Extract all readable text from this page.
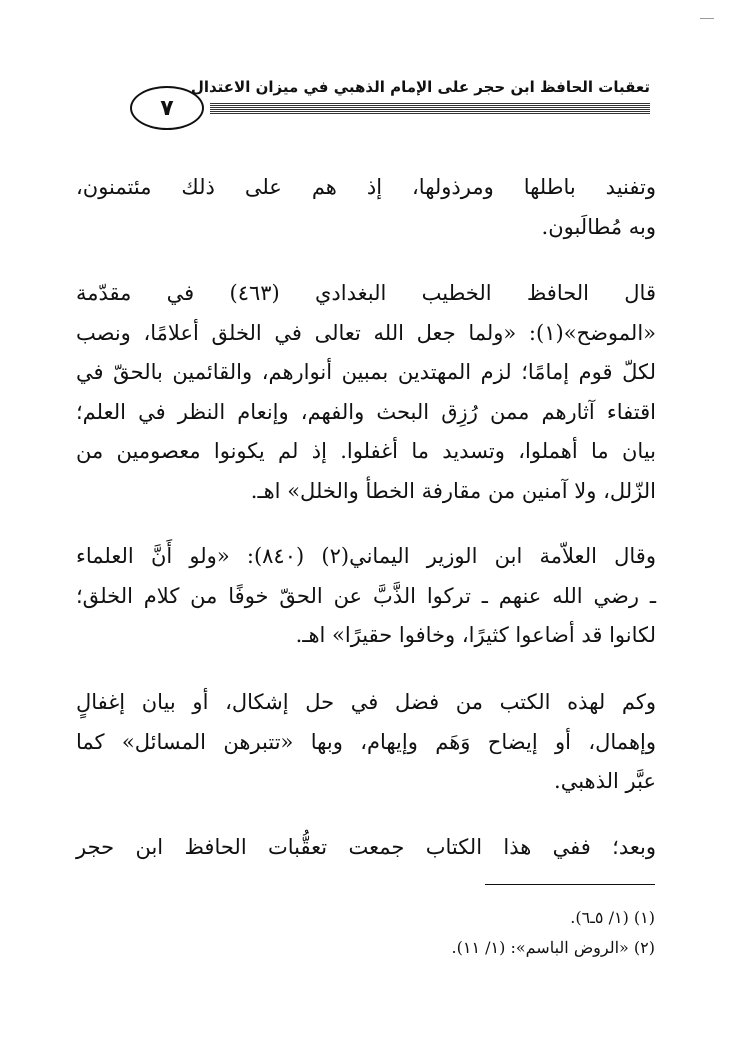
تعقبات الحافظ ابن حجر على الإمام الذهبي في ميزان الاعتدال
٧
وتفنيد باطلها ومرذولها، إذ هم على ذلك مئتمنون،
وبه مُطالَبون.
قال الحافظ الخطيب البغدادي (٤٦٣) في مقدّمة
«الموضح»(١): «ولما جعل الله تعالى في الخلق أعلامًا، ونصب
لكلّ قوم إمامًا؛ لزم المهتدين بمبين أنوارهم، والقائمين بالحقّ في
اقتفاء آثارهم ممن رُزِق البحث والفهم، وإنعام النظر في العلم؛
بيان ما أهملوا، وتسديد ما أغفلوا. إذ لم يكونوا معصومين من
الزّلل، ولا آمنين من مقارفة الخطأ والخلل» اهـ.
وقال العلاّمة ابن الوزير اليماني(٢) (٨٤٠): «ولو أَنَّ العلماء
ـ رضي الله عنهم ـ تركوا الذَّبَّ عن الحقّ خوفًا من كلام الخلق؛
لكانوا قد أضاعوا كثيرًا، وخافوا حقيرًا» اهـ.
وكم لهذه الكتب من فضل في حل إشكال، أو بيان إغفالٍ
وإهمال، أو إيضاح وَهَم وإيهام، وبها «تتبرهن المسائل» كما
عبَّر الذهبي.
وبعد؛ ففي هذا الكتاب جمعت تعقُّبات الحافظ ابن حجر
(١) (١/ ٥ـ٦).
(٢) «الروض الباسم»: (١/ ١١).
